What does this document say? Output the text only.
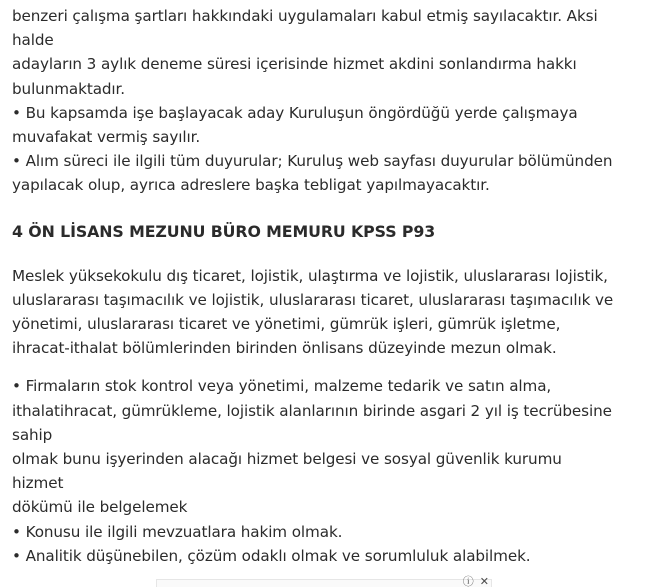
benzeri çalışma şartları hakkındaki uygulamaları kabul etmiş sayılacaktır. Aksi
halde
adayların 3 aylık deneme süresi içerisinde hizmet akdini sonlandırma hakkı
bulunmaktadır.
• Bu kapsamda işe başlayacak aday Kuruluşun öngördüğü yerde çalışmaya
muvafakat vermiş sayılır.
• Alım süreci ile ilgili tüm duyurular; Kuruluş web sayfası duyurular bölümünden
yapılacak olup, ayrıca adreslere başka tebligat yapılmayacaktır.
4 ÖN LİSANS MEZUNU BÜRO MEMURU KPSS P93
Meslek yüksekokulu dış ticaret, lojistik, ulaştırma ve lojistik, uluslararası lojistik,
uluslararası taşımacılık ve lojistik, uluslararası ticaret, uluslararası taşımacılık ve
yönetimi, uluslararası ticaret ve yönetimi, gümrük işleri, gümrük işletme,
ihracat-ithalat bölümlerinden birinden önlisans düzeyinde mezun olmak.
• Firmaların stok kontrol veya yönetimi, malzeme tedarik ve satın alma,
ithalatihracat, gümrükleme, lojistik alanlarının birinde asgari 2 yıl iş tecrübesine
sahip
olmak bunu işyerinden alacağı hizmet belgesi ve sosyal güvenlik kurumu
hizmet
dökümü ile belgelemek
• Konusu ile ilgili mevzuatlara hakim olmak.
• Analitik düşünebilen, çözüm odaklı olmak ve sorumluluk alabilmek.
ⓘ ✕
